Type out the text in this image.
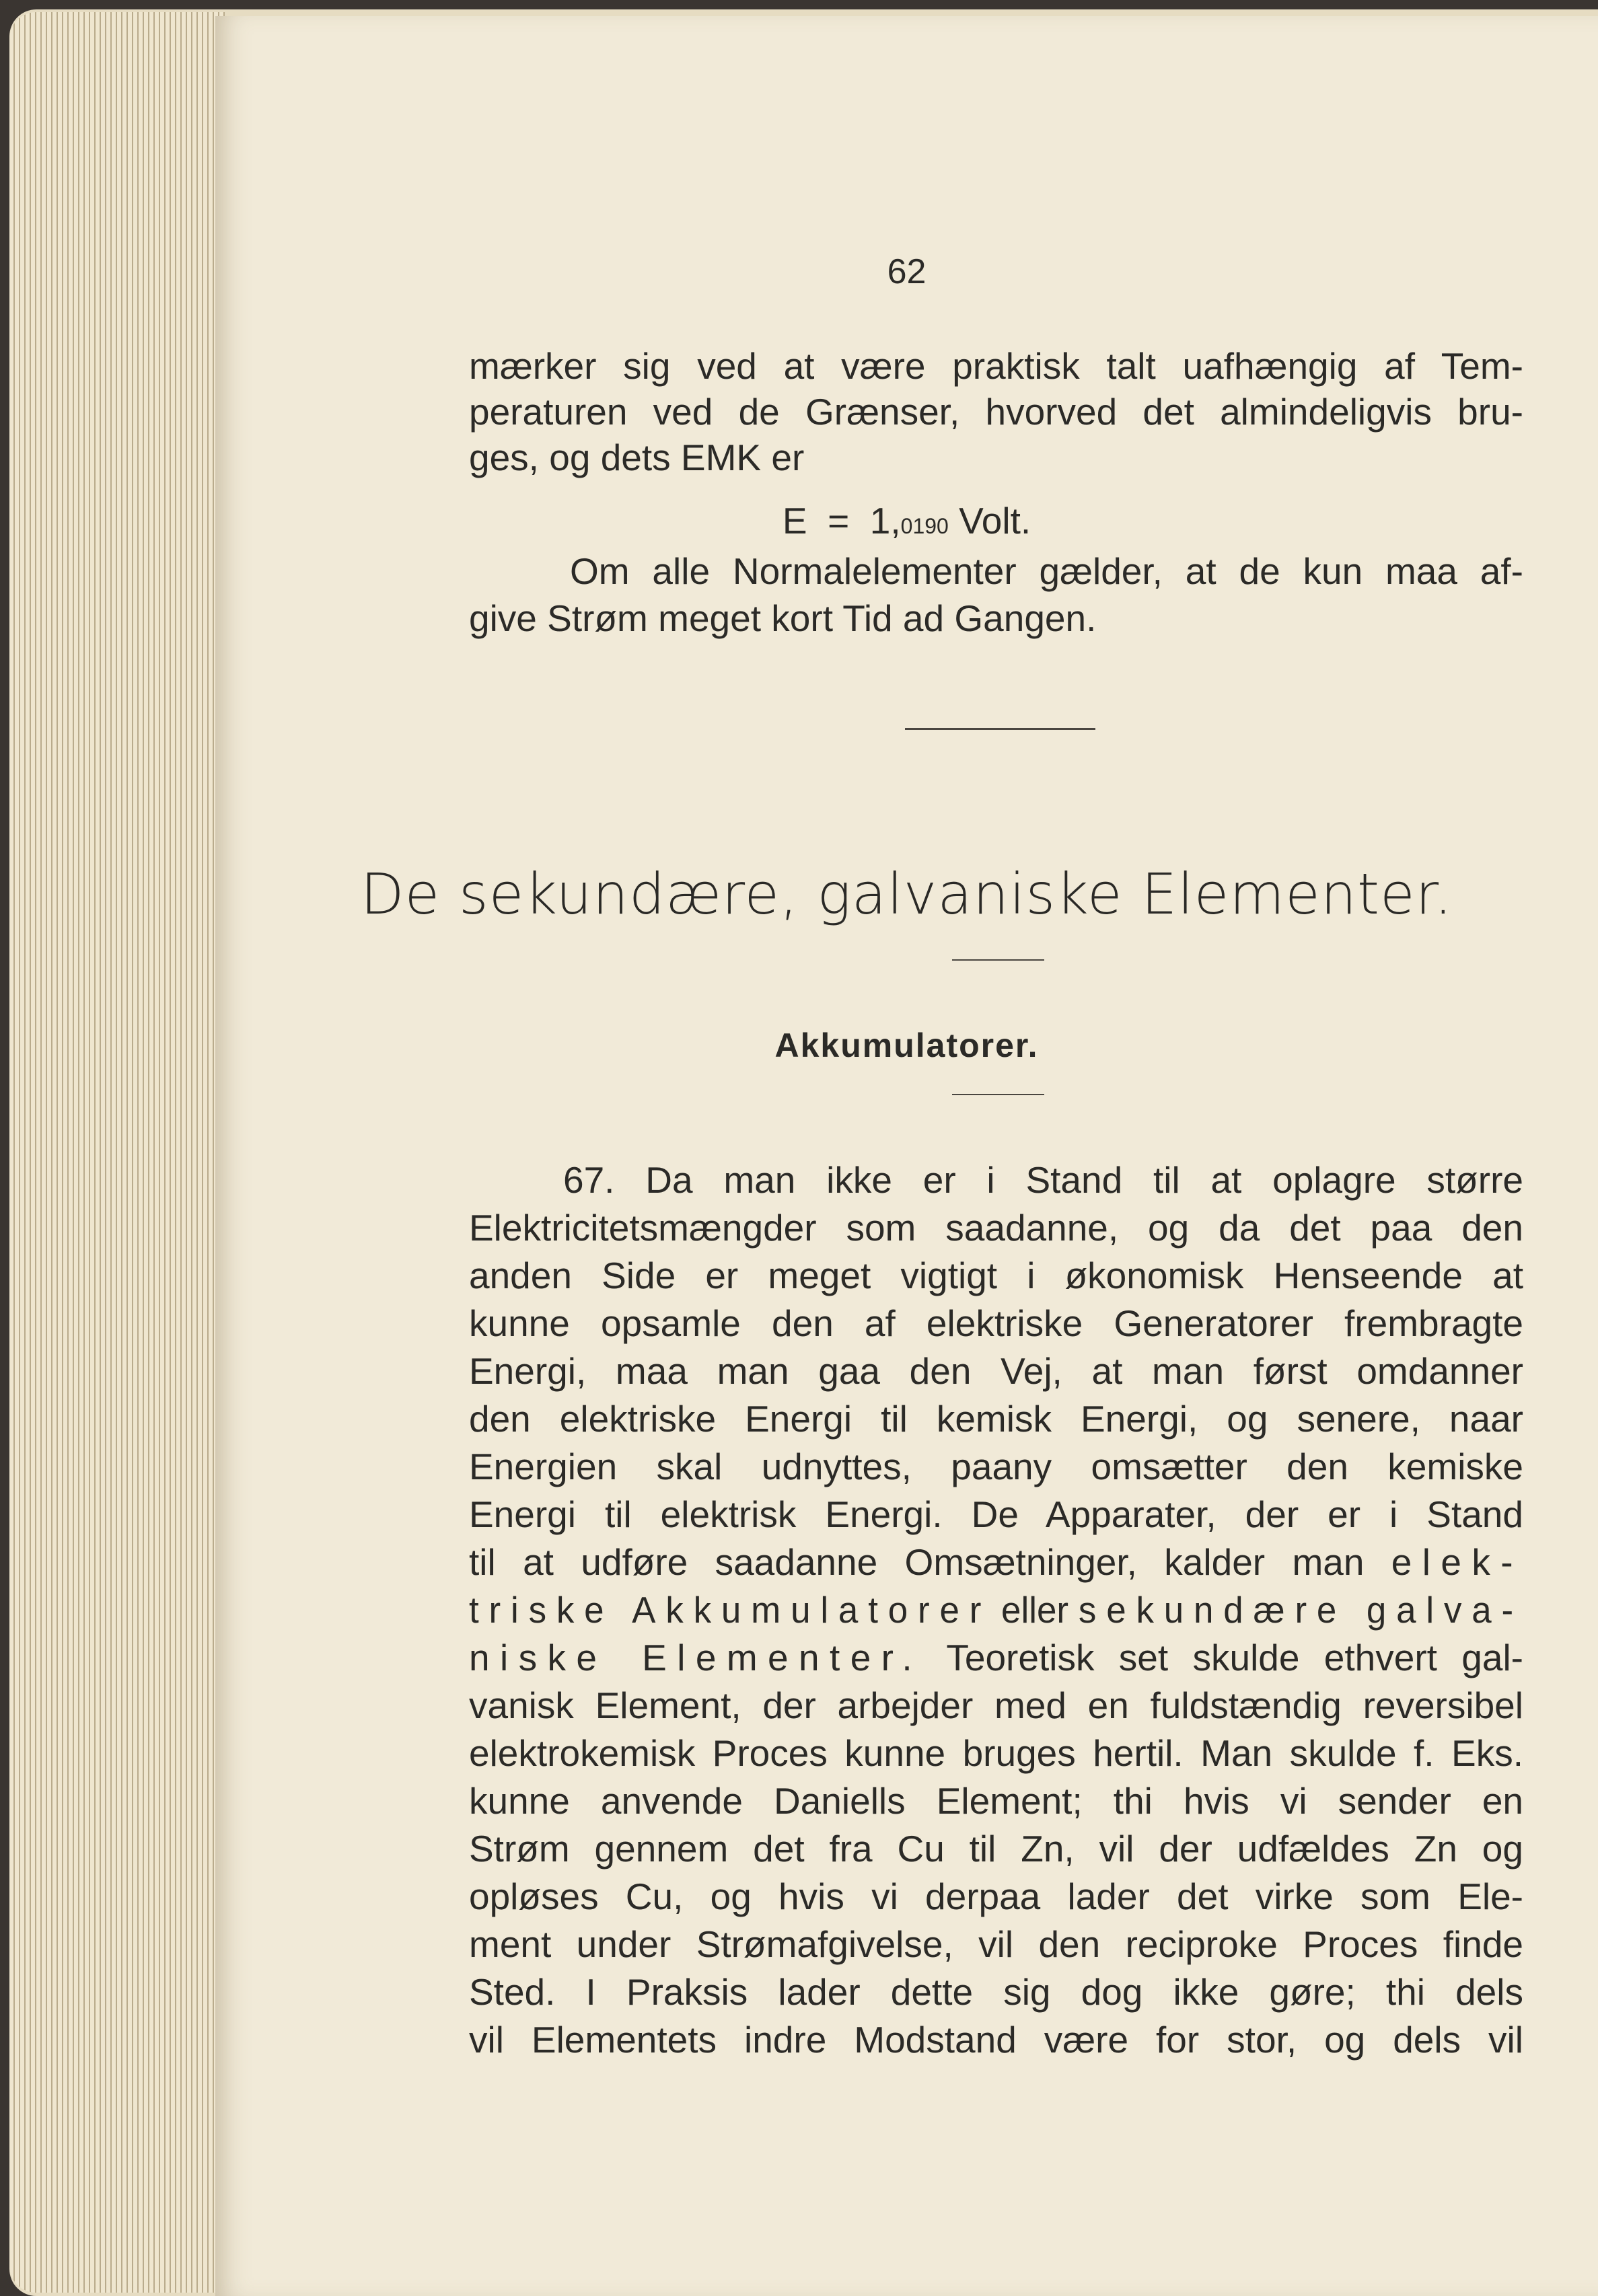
62
mærker sig ved at være praktisk talt uafhængig af Tem-
peraturen ved de Grænser, hvorved det almindeligvis bru-
ges, og dets EMK er
E = 1,0190 Volt.
Om alle Normalelementer gælder, at de kun maa af-
give Strøm meget kort Tid ad Gangen.
De sekundære, galvaniske Elementer.
Akkumulatorer.
67. Da man ikke er i Stand til at oplagre større
Elektricitetsmængder som saadanne, og da det paa den
anden Side er meget vigtigt i økonomisk Henseende at
kunne opsamle den af elektriske Generatorer frembragte
Energi, maa man gaa den Vej, at man først omdanner
den elektriske Energi til kemisk Energi, og senere, naar
Energien skal udnyttes, paany omsætter den kemiske
Energi til elektrisk Energi. De Apparater, der er i Stand
til at udføre saadanne Omsætninger, kalder man elek-
triske Akkumulatorer eller sekundære galva-
niske Elementer. Teoretisk set skulde ethvert gal-
vanisk Element, der arbejder med en fuldstændig reversibel
elektrokemisk Proces kunne bruges hertil. Man skulde f. Eks.
kunne anvende Daniells Element; thi hvis vi sender en
Strøm gennem det fra Cu til Zn, vil der udfældes Zn og
opløses Cu, og hvis vi derpaa lader det virke som Ele-
ment under Strømafgivelse, vil den reciproke Proces finde
Sted. I Praksis lader dette sig dog ikke gøre; thi dels
vil Elementets indre Modstand være for stor, og dels vil
